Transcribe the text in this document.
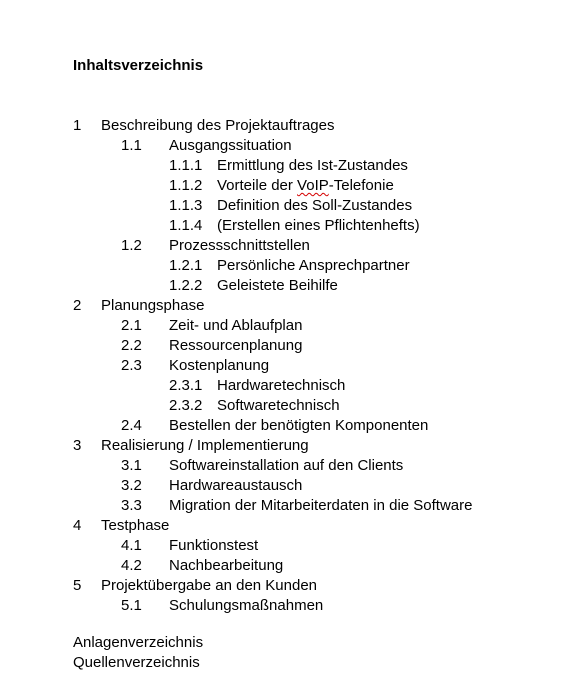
Inhaltsverzeichnis
1 Beschreibung des Projektauftrages
1.1 Ausgangssituation
1.1.1 Ermittlung des Ist-Zustandes
1.1.2 Vorteile der VoIP-Telefonie
1.1.3 Definition des Soll-Zustandes
1.1.4 (Erstellen eines Pflichtenhefts)
1.2 Prozessschnittstellen
1.2.1 Persönliche Ansprechpartner
1.2.2 Geleistete Beihilfe
2 Planungsphase
2.1 Zeit- und Ablaufplan
2.2 Ressourcenplanung
2.3 Kostenplanung
2.3.1 Hardwaretechnisch
2.3.2 Softwaretechnisch
2.4 Bestellen der benötigten Komponenten
3 Realisierung / Implementierung
3.1 Softwareinstallation auf den Clients
3.2 Hardwareaustausch
3.3 Migration der Mitarbeiterdaten in die Software
4 Testphase
4.1 Funktionstest
4.2 Nachbearbeitung
5 Projektübergabe an den Kunden
5.1 Schulungsmaßnahmen
Anlagenverzeichnis
Quellenverzeichnis
